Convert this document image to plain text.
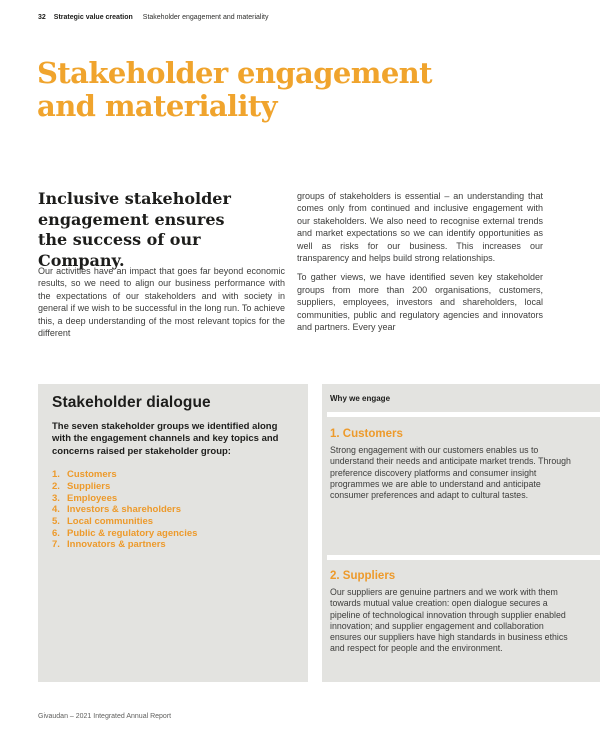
32 Strategic value creation Stakeholder engagement and materiality
Stakeholder engagement and materiality
Inclusive stakeholder engagement ensures the success of our Company.

Our activities have an impact that goes far beyond economic results, so we need to align our business performance with the expectations of our stakeholders and with society in general if we wish to be successful in the long run. To achieve this, a deep understanding of the most relevant topics for the different

groups of stakeholders is essential – an understanding that comes only from continued and inclusive engagement with our stakeholders. We also need to recognise external trends and market expectations so we can identify opportunities as well as risks for our business. This increases our transparency and helps build strong relationships.

To gather views, we have identified seven key stakeholder groups from more than 200 organisations, customers, suppliers, employees, investors and shareholders, local communities, public and regulatory agencies and innovators and partners. Every year

Stakeholder dialogue

The seven stakeholder groups we identified along with the engagement channels and key topics and concerns raised per stakeholder group:

1. Customers
2. Suppliers
3. Employees
4. Investors & shareholders
5. Local communities
6. Public & regulatory agencies
7. Innovators & partners
Why we engage
1. Customers

Strong engagement with our customers enables us to understand their needs and anticipate market trends. Through preference discovery platforms and consumer insight programmes we are able to understand and anticipate consumer preferences and adapt to cultural tastes.

2. Suppliers

Our suppliers are genuine partners and we work with them towards mutual value creation: open dialogue secures a pipeline of technological innovation through supplier enabled innovation; and supplier engagement and collaboration ensures our suppliers have high standards in business ethics and respect for people and the environment.

Givaudan – 2021 Integrated Annual Report
